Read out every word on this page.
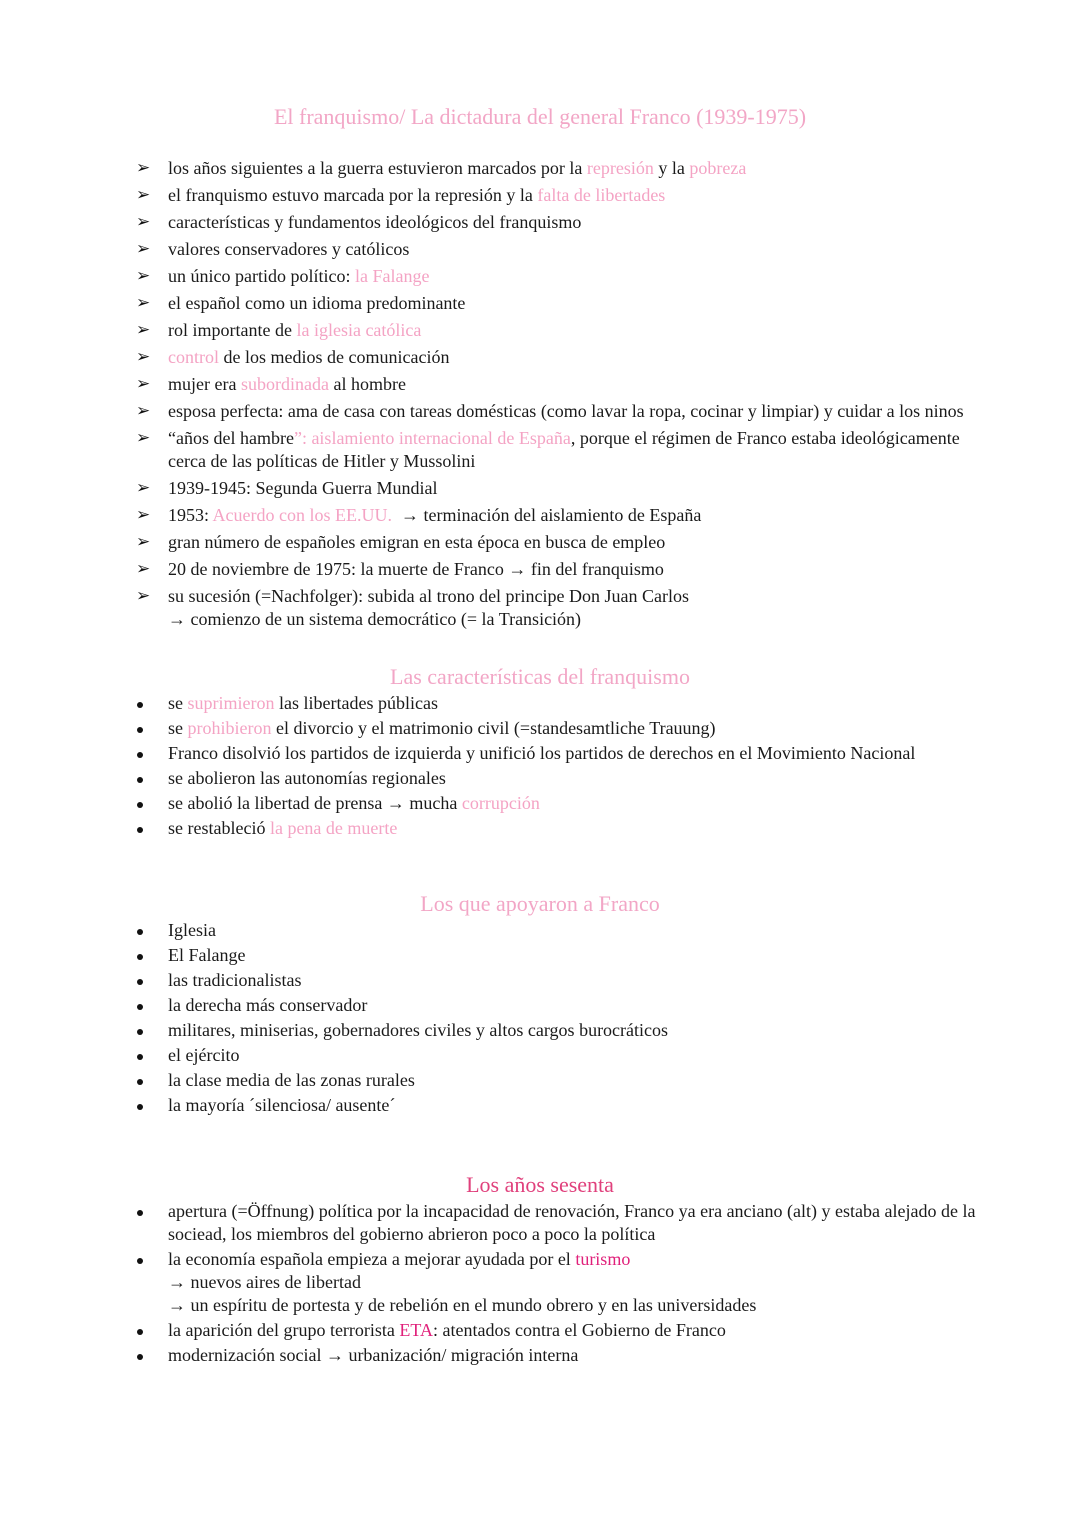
El franquismo/ La dictadura del general Franco (1939-1975)
➢ los años siguientes a la guerra estuvieron marcados por la represión y la pobreza
➢ el franquismo estuvo marcada por la represión y la falta de libertades
➢ características y fundamentos ideológicos del franquismo
➢ valores conservadores y católicos
➢ un único partido político: la Falange
➢ el español como un idioma predominante
➢ rol importante de la iglesia católica
➢ control de los medios de comunicación
➢ mujer era subordinada al hombre
➢ esposa perfecta: ama de casa con tareas domésticas (como lavar la ropa, cocinar y limpiar) y cuidar a los ninos
➢ “años del hambre”: aislamiento internacional de España, porque el régimen de Franco estaba ideológicamente cerca de las políticas de Hitler y Mussolini
➢ 1939-1945: Segunda Guerra Mundial
➢ 1953: Acuerdo con los EE.UU.  → terminación del aislamiento de España
➢ gran número de españoles emigran en esta época en busca de empleo
➢ 20 de noviembre de 1975: la muerte de Franco → fin del franquismo
➢ su sucesión (=Nachfolger): subida al trono del principe Don Juan Carlos
→ comienzo de un sistema democrático (= la Transición)
Las características del franquismo
se suprimieron las libertades públicas
se prohibieron el divorcio y el matrimonio civil (=standesamtliche Trauung)
Franco disolvió los partidos de izquierda y unifició los partidos de derechos en el Movimiento Nacional
se abolieron las autonomías regionales
se abolió la libertad de prensa → mucha corrupción
se restableció la pena de muerte
Los que apoyaron a Franco
Iglesia
El Falange
las tradicionalistas
la derecha más conservador
militares, miniserias, gobernadores civiles y altos cargos burocráticos
el ejército
la clase media de las zonas rurales
la mayoría ´silenciosa/ ausente´
Los años sesenta
apertura (=Öffnung) política por la incapacidad de renovación, Franco ya era anciano (alt) y estaba alejado de la sociead, los miembros del gobierno abrieron poco a poco la política
la economía española empieza a mejorar ayudada por el turismo
→ nuevos aires de libertad
→ un espíritu de portesta y de rebelión en el mundo obrero y en las universidades
la aparición del grupo terrorista ETA: atentados contra el Gobierno de Franco
modernización social → urbanización/ migración interna
